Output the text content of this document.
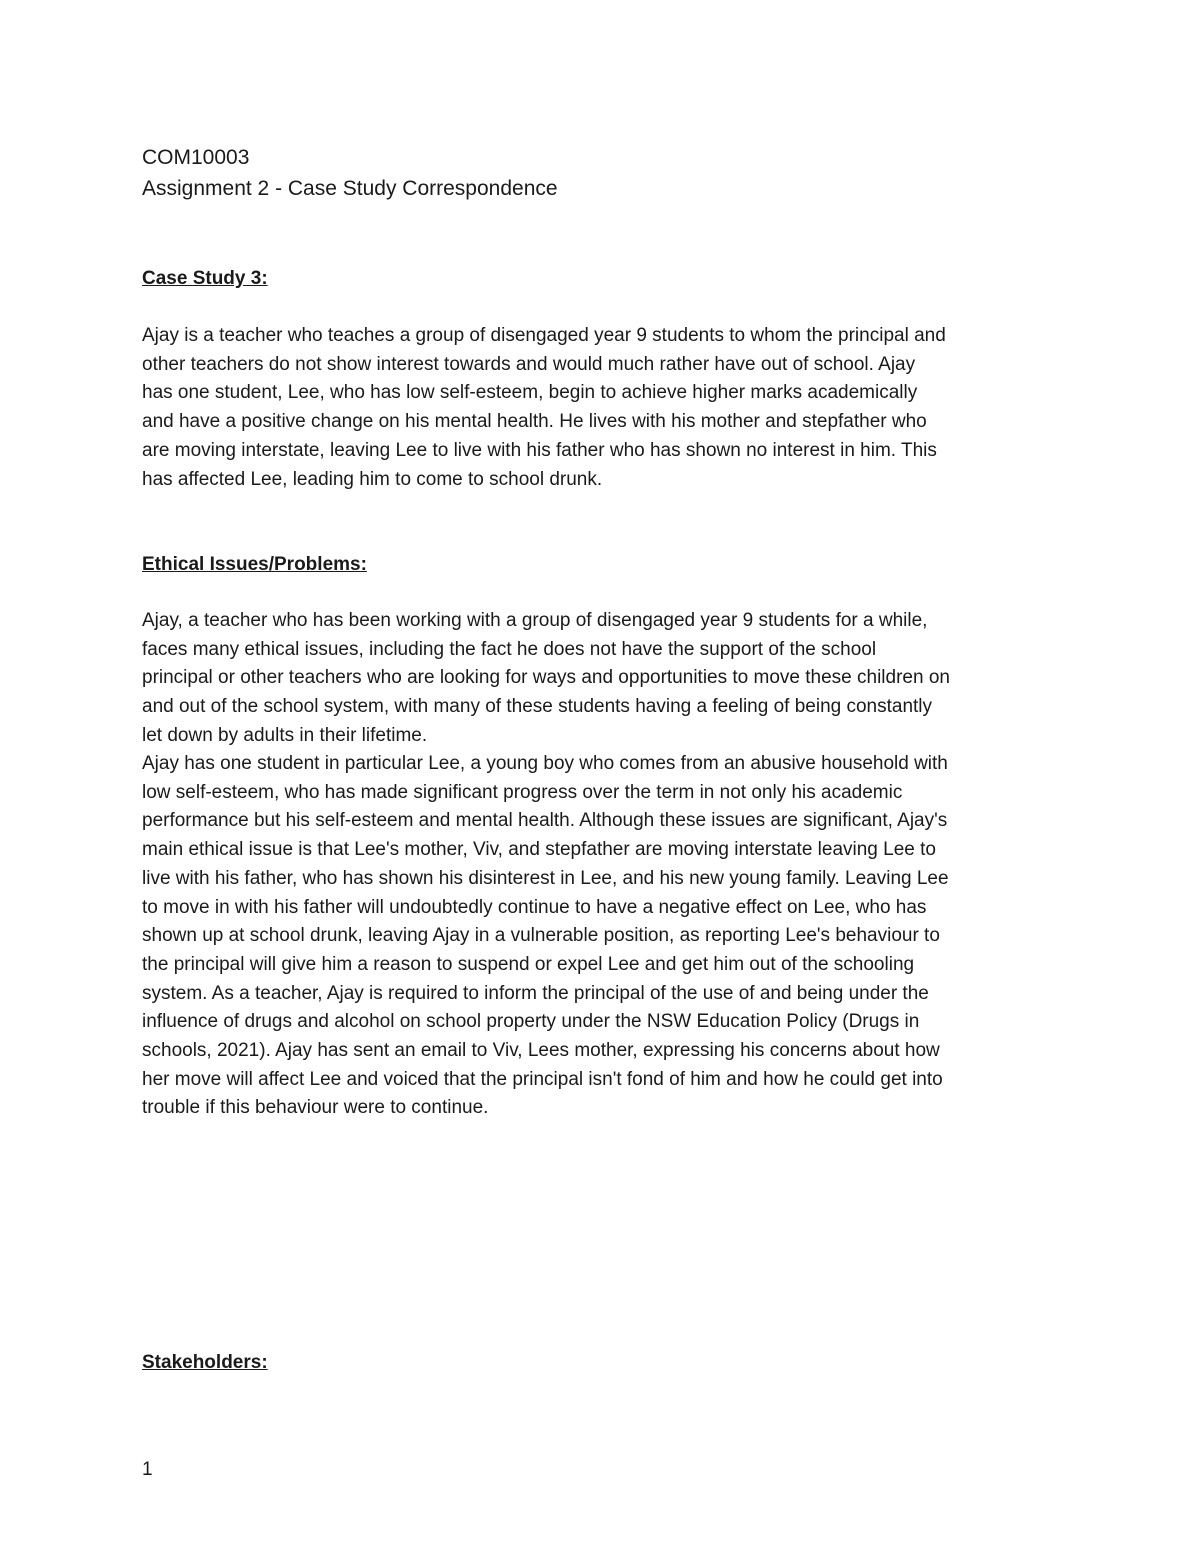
COM10003
Assignment 2 - Case Study Correspondence
Case Study 3:
Ajay is a teacher who teaches a group of disengaged year 9 students to whom the principal and
other teachers do not show interest towards and would much rather have out of school. Ajay
has one student, Lee, who has low self-esteem, begin to achieve higher marks academically
and have a positive change on his mental health. He lives with his mother and stepfather who
are moving interstate, leaving Lee to live with his father who has shown no interest in him. This
has affected Lee, leading him to come to school drunk.
Ethical Issues/Problems:
Ajay, a teacher who has been working with a group of disengaged year 9 students for a while,
faces many ethical issues, including the fact he does not have the support of the school
principal or other teachers who are looking for ways and opportunities to move these children on
and out of the school system, with many of these students having a feeling of being constantly
let down by adults in their lifetime.
Ajay has one student in particular Lee, a young boy who comes from an abusive household with
low self-esteem, who has made significant progress over the term in not only his academic
performance but his self-esteem and mental health. Although these issues are significant, Ajay's
main ethical issue is that Lee's mother, Viv, and stepfather are moving interstate leaving Lee to
live with his father, who has shown his disinterest in Lee, and his new young family. Leaving Lee
to move in with his father will undoubtedly continue to have a negative effect on Lee, who has
shown up at school drunk, leaving Ajay in a vulnerable position, as reporting Lee's behaviour to
the principal will give him a reason to suspend or expel Lee and get him out of the schooling
system. As a teacher, Ajay is required to inform the principal of the use of and being under the
influence of drugs and alcohol on school property under the NSW Education Policy (Drugs in
schools, 2021). Ajay has sent an email to Viv, Lees mother, expressing his concerns about how
her move will affect Lee and voiced that the principal isn't fond of him and how he could get into
trouble if this behaviour were to continue.
Stakeholders:
1
